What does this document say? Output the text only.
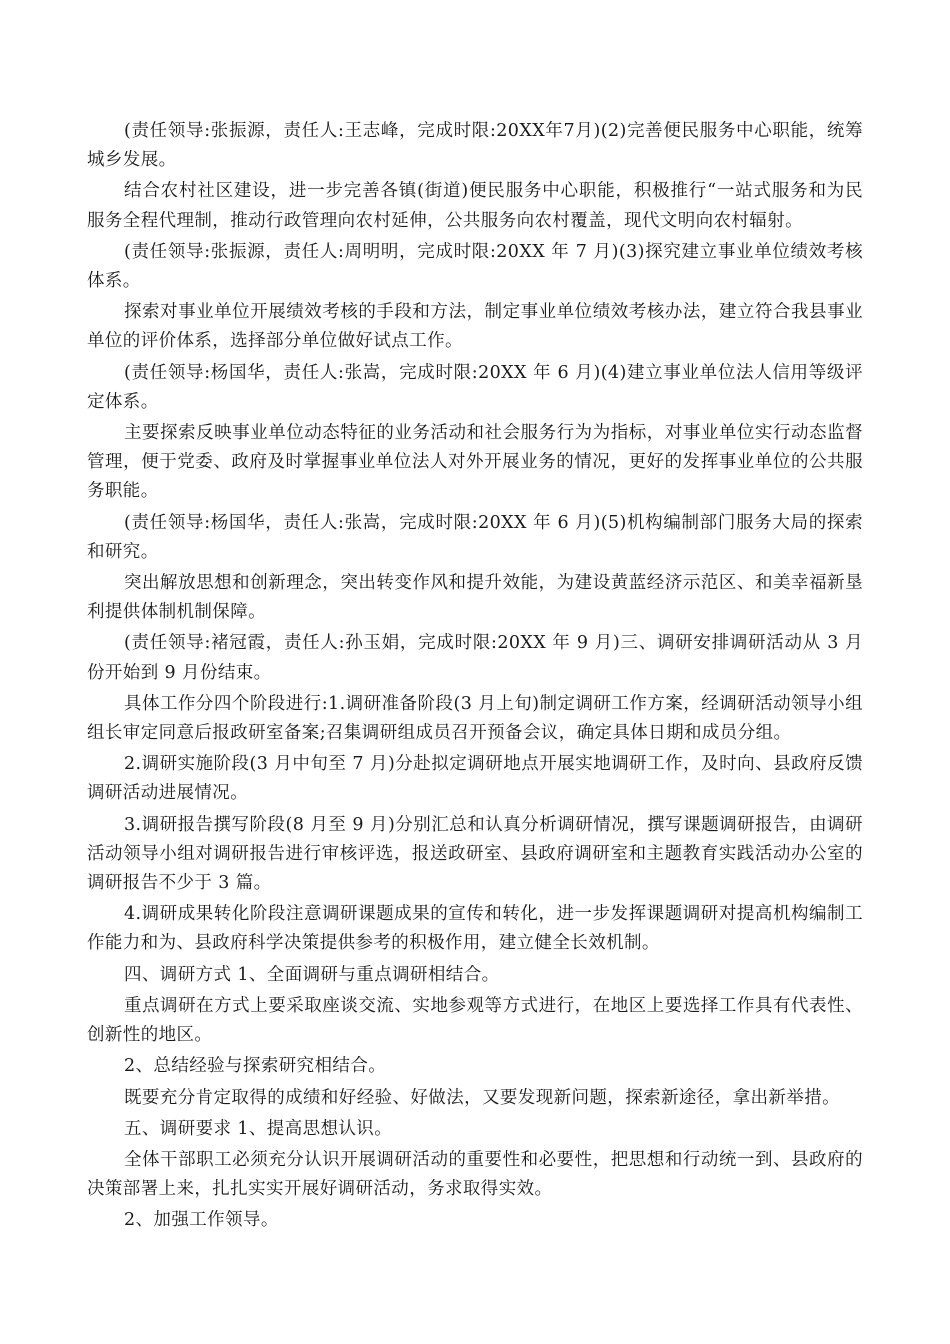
(责任领导:张振源，责任人:王志峰，完成时限:20XX年7月)(2)完善便民服务中心职能，统筹城乡发展。

结合农村社区建设，进一步完善各镇(街道)便民服务中心职能，积极推行“一站式服务和为民服务全程代理制，推动行政管理向农村延伸，公共服务向农村覆盖，现代文明向农村辐射。

(责任领导:张振源，责任人:周明明，完成时限:20XX 年 7 月)(3)探究建立事业单位绩效考核体系。

探索对事业单位开展绩效考核的手段和方法，制定事业单位绩效考核办法，建立符合我县事业单位的评价体系，选择部分单位做好试点工作。

(责任领导:杨国华，责任人:张嵩，完成时限:20XX 年 6 月)(4)建立事业单位法人信用等级评定体系。

主要探索反映事业单位动态特征的业务活动和社会服务行为为指标，对事业单位实行动态监督管理，便于党委、政府及时掌握事业单位法人对外开展业务的情况，更好的发挥事业单位的公共服务职能。

(责任领导:杨国华，责任人:张嵩，完成时限:20XX 年 6 月)(5)机构编制部门服务大局的探索和研究。

突出解放思想和创新理念，突出转变作风和提升效能，为建设黄蓝经济示范区、和美幸福新垦利提供体制机制保障。

(责任领导:褚冠霞，责任人:孙玉娟，完成时限:20XX 年 9 月)三、调研安排调研活动从 3 月份开始到 9 月份结束。

具体工作分四个阶段进行:1.调研准备阶段(3 月上旬)制定调研工作方案，经调研活动领导小组组长审定同意后报政研室备案;召集调研组成员召开预备会议，确定具体日期和成员分组。

2.调研实施阶段(3 月中旬至 7 月)分赴拟定调研地点开展实地调研工作，及时向、县政府反馈调研活动进展情况。

3.调研报告撰写阶段(8 月至 9 月)分别汇总和认真分析调研情况，撰写课题调研报告，由调研活动领导小组对调研报告进行审核评选，报送政研室、县政府调研室和主题教育实践活动办公室的调研报告不少于 3 篇。

4.调研成果转化阶段注意调研课题成果的宣传和转化，进一步发挥课题调研对提高机构编制工作能力和为、县政府科学决策提供参考的积极作用，建立健全长效机制。

四、调研方式 1、全面调研与重点调研相结合。

重点调研在方式上要采取座谈交流、实地参观等方式进行，在地区上要选择工作具有代表性、创新性的地区。

2、总结经验与探索研究相结合。

既要充分肯定取得的成绩和好经验、好做法，又要发现新问题，探索新途径，拿出新举措。

五、调研要求 1、提高思想认识。

全体干部职工必须充分认识开展调研活动的重要性和必要性，把思想和行动统一到、县政府的决策部署上来，扎扎实实开展好调研活动，务求取得实效。

2、加强工作领导。
